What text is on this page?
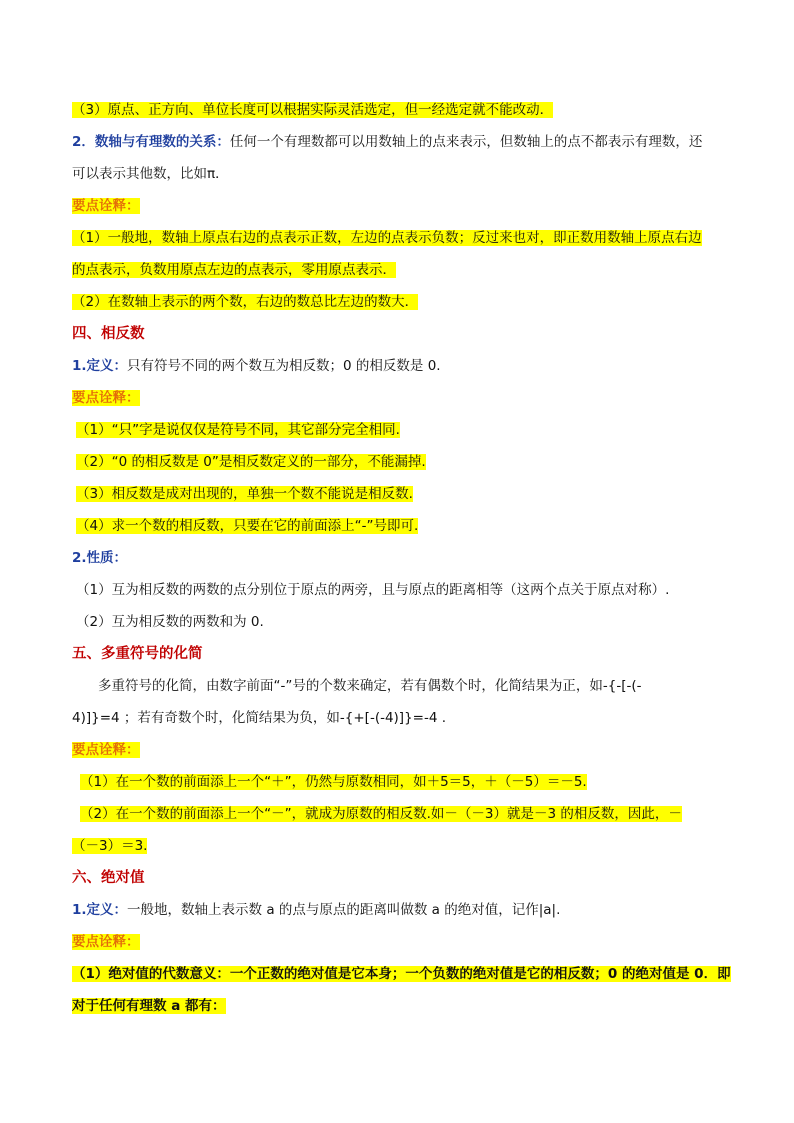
（3）原点、正方向、单位长度可以根据实际灵活选定，但一经选定就不能改动．
2．数轴与有理数的关系：任何一个有理数都可以用数轴上的点来表示，但数轴上的点不都表示有理数，还
可以表示其他数，比如π．
要点诠释：
（1）一般地，数轴上原点右边的点表示正数，左边的点表示负数；反过来也对，即正数用数轴上原点右边
的点表示，负数用原点左边的点表示，零用原点表示．
（2）在数轴上表示的两个数，右边的数总比左边的数大．
四、相反数
1.定义：只有符号不同的两个数互为相反数；0 的相反数是 0.
要点诠释：
（1）“只”字是说仅仅是符号不同，其它部分完全相同.
（2）“0 的相反数是 0”是相反数定义的一部分，不能漏掉.
（3）相反数是成对出现的，单独一个数不能说是相反数.
（4）求一个数的相反数，只要在它的前面添上“-”号即可.
2.性质：
（1）互为相反数的两数的点分别位于原点的两旁，且与原点的距离相等（这两个点关于原点对称）.
（2）互为相反数的两数和为 0.
五、多重符号的化简
多重符号的化简，由数字前面“-”号的个数来确定，若有偶数个时，化简结果为正，如-{-[-(-
4)]}=4 ；若有奇数个时，化简结果为负，如-{+[-(-4)]}=-4 .
要点诠释：
（1）在一个数的前面添上一个“＋”，仍然与原数相同，如＋5＝5，＋（－5）＝－5.
（2）在一个数的前面添上一个“－”，就成为原数的相反数.如－（－3）就是－3 的相反数，因此，－
（－3）＝3.
六、绝对值
1.定义：一般地，数轴上表示数 a 的点与原点的距离叫做数 a 的绝对值，记作|a|.
要点诠释：
（1）绝对值的代数意义：一个正数的绝对值是它本身；一个负数的绝对值是它的相反数；0 的绝对值是 0．即
对于任何有理数 a 都有：
